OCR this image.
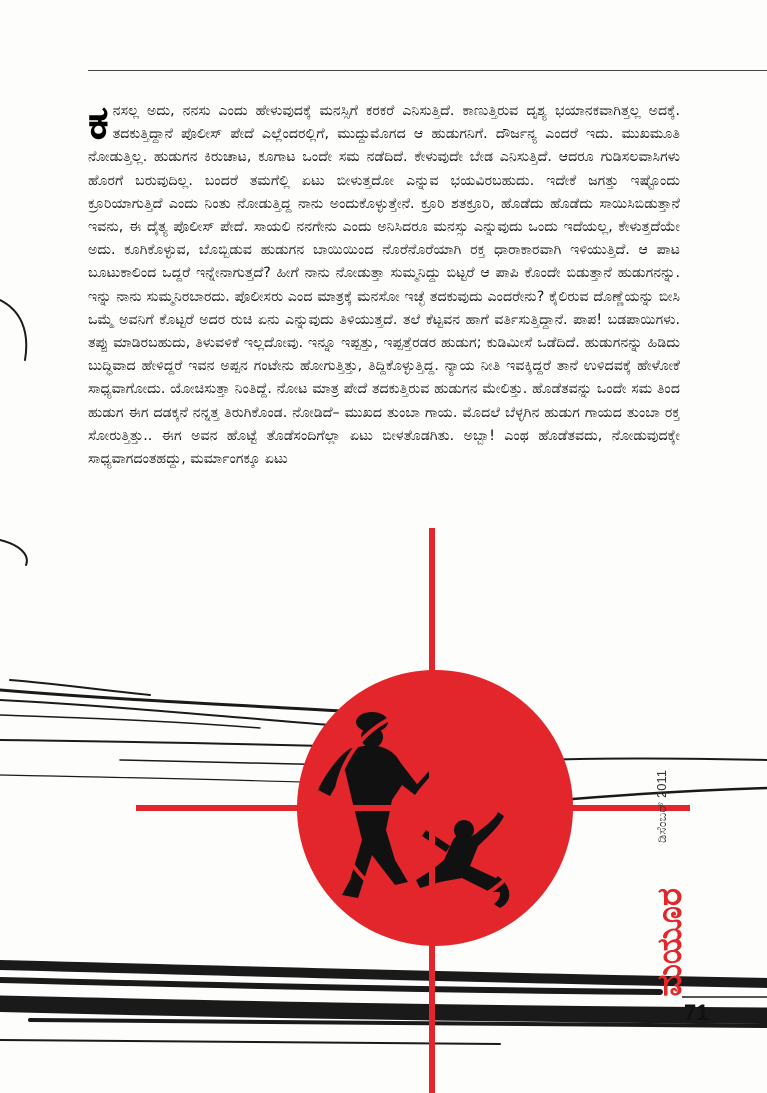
ಕನಸಲ್ಲ ಅದು, ನನಸು ಎಂದು ಹೇಳುವುದಕ್ಕೆ ಮನಸ್ಸಿಗೆ ಕರಕರೆ ಎನಿಸುತ್ತಿದೆ. ಕಾಣುತ್ತಿರುವ ದೃಶ್ಯ ಭಯಾನಕವಾಗಿತ್ತಲ್ಲ ಅದಕ್ಕೆ. ತದಕುತ್ತಿದ್ದಾನೆ ಪೊಲೀಸ್ ಪೇದೆ ಎಲ್ಲೆಂದರಲ್ಲಿಗೆ, ಮುದ್ದುಮೊಗದ ಆ ಹುಡುಗನಿಗೆ. ದೌರ್ಜನ್ಯ ಎಂದರೆ ಇದು. ಮುಖಮೂತಿ ನೋಡುತ್ತಿಲ್ಲ. ಹುಡುಗನ ಕಿರುಚಾಟ, ಕೂಗಾಟ ಒಂದೇ ಸಮ ನಡೆದಿದೆ. ಕೇಳುವುದೇ ಬೇಡ ಎನಿಸುತ್ತಿದೆ. ಆದರೂ ಗುಡಿಸಲವಾಸಿಗಳು ಹೊರಗೆ ಬರುವುದಿಲ್ಲ. ಬಂದರೆ ತಮಗೆಲ್ಲಿ ಏಟು ಬೀಳುತ್ತದೋ ಎನ್ನುವ ಭಯವಿರಬಹುದು. ಇದೇಕೆ ಜಗತ್ತು ಇಷ್ಟೊಂದು ಕ್ರೂರಿಯಾಗುತ್ತಿದೆ ಎಂದು ನಿಂತು ನೋಡುತ್ತಿದ್ದ ನಾನು ಅಂದುಕೊಳ್ಳುತ್ತೇನೆ. ಕ್ರೂರಿ ಶತಕ್ರೂರಿ, ಹೊಡೆದು ಹೊಡೆದು ಸಾಯಿಸಿಬಿಡುತ್ತಾನೆ ಇವನು, ಈ ದೈತ್ಯ ಪೊಲೀಸ್ ಪೇದೆ. ಸಾಯಲಿ ನನಗೇನು ಎಂದು ಅನಿಸಿದರೂ ಮನಸ್ಸು ಎನ್ನುವುದು ಒಂದು ಇದೆಯಲ್ಲ, ಕೇಳುತ್ತದೆಯೇ ಅದು. ಕೂಗಿಕೊಳ್ಳುವ, ಬೊಬ್ಬಿಡುವ ಹುಡುಗನ ಬಾಯಿಯಿಂದ ನೊರೆನೊರೆಯಾಗಿ ರಕ್ತ ಧಾರಾಕಾರವಾಗಿ ಇಳಿಯುತ್ತಿದೆ. ಆ ಪಾಟ ಬೂಟುಕಾಲಿಂದ ಒದ್ದರೆ ಇನ್ನೇನಾಗುತ್ತದೆ? ಹೀಗೆ ನಾನು ನೋಡುತ್ತಾ ಸುಮ್ಮನಿದ್ದು ಬಿಟ್ಟರೆ ಆ ಪಾಪಿ ಕೊಂದೇ ಬಿಡುತ್ತಾನೆ ಹುಡುಗನನ್ನು. ಇನ್ನು ನಾನು ಸುಮ್ಮನಿರಬಾರದು. ಪೊಲೀಸರು ಎಂದ ಮಾತ್ರಕ್ಕೆ ಮನಸೋ ಇಚ್ಛೆ ತದಕುವುದು ಎಂದರೇನು? ಕೈಲಿರುವ ದೊಣ್ಣೆಯನ್ನು ಬೀಸಿ ಒಮ್ಮೆ ಅವನಿಗೆ ಕೊಟ್ಟರೆ ಅದರ ರುಚಿ ಏನು ಎನ್ನುವುದು ತಿಳಿಯುತ್ತದೆ. ತಲೆ ಕೆಟ್ಟವನ ಹಾಗೆ ವರ್ತಿಸುತ್ತಿದ್ದಾನೆ. ಪಾಪ! ಬಡಪಾಯಿಗಳು. ತಪ್ಪು ಮಾಡಿರಬಹುದು, ತಿಳುವಳಿಕೆ ಇಲ್ಲದೋವು. ಇನ್ನೂ ಇಪ್ಪತ್ತು, ಇಪ್ಪತ್ತೆರಡರ ಹುಡುಗ; ಕುಡಿಮೀಸೆ ಒಡೆದಿದೆ. ಹುಡುಗನನ್ನು ಹಿಡಿದು ಬುದ್ಧಿವಾದ ಹೇಳಿದ್ದರೆ ಇವನ ಅಪ್ಪನ ಗಂಟೇನು ಹೋಗುತ್ತಿತ್ತು, ತಿದ್ದಿಕೊಳ್ಳುತ್ತಿದ್ದ. ನ್ಯಾಯ ನೀತಿ ಇವಕ್ಕಿದ್ದರೆ ತಾನೆ ಉಳಿದವಕ್ಕೆ ಹೇಳೋಕೆ ಸಾಧ್ಯವಾಗೋದು. ಯೋಚಿಸುತ್ತಾ ನಿಂತಿದ್ದೆ. ನೋಟ ಮಾತ್ರ ಪೇದೆ ತದಕುತ್ತಿರುವ ಹುಡುಗನ ಮೇಲಿತ್ತು. ಹೊಡೆತವನ್ನು ಒಂದೇ ಸಮ ತಿಂದ ಹುಡುಗ ಈಗ ದಡಕ್ಕನೆ ನನ್ನತ್ತ ತಿರುಗಿಕೊಂಡ. ನೋಡಿದೆ– ಮುಖದ ತುಂಬಾ ಗಾಯ. ಮೊದಲೆ ಬೆಳ್ಳಗಿನ ಹುಡುಗ ಗಾಯದ ತುಂಬಾ ರಕ್ತ ಸೋರುತ್ತಿತ್ತು.. ಈಗ ಅವನ ಹೊಟ್ಟೆ ತೊಡೆಸಂದಿಗೆಲ್ಲಾ ಏಟು ಬೀಳತೊಡಗಿತು. ಅಬ್ಬಾ! ಎಂಥ ಹೊಡೆತವದು, ನೋಡುವುದಕ್ಕೇ ಸಾಧ್ಯವಾಗದಂತಹದ್ದು, ಮರ್ಮಾಂಗಕ್ಕೂ ಏಟು

ಡಿಸೆಂಬರ್ 2011
ಮಯೂರ
71
